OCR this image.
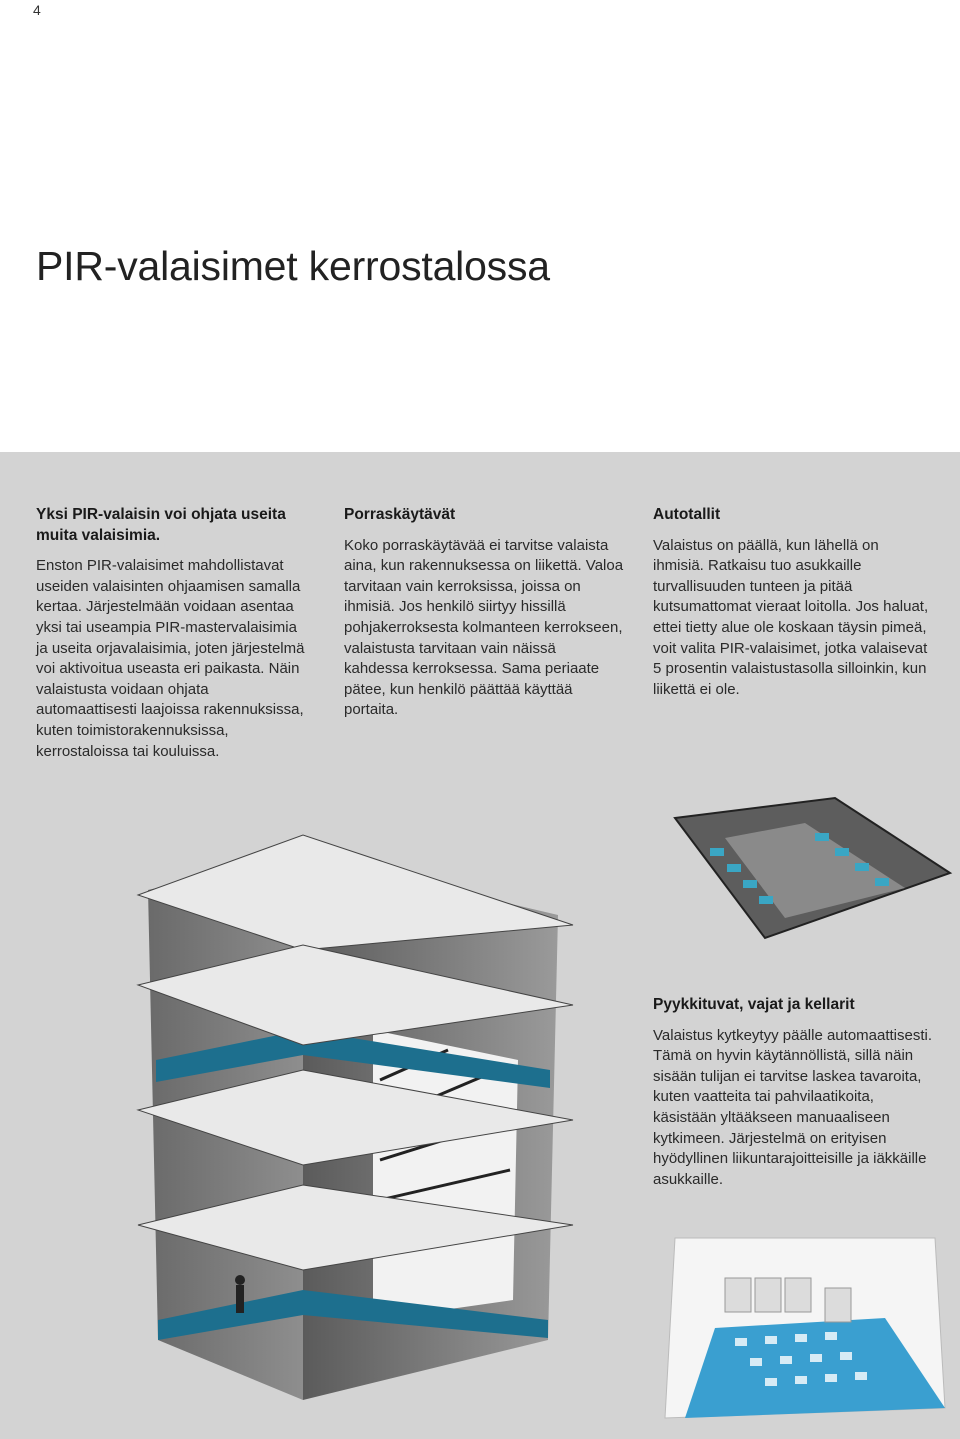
4
PIR-valaisimet kerrostalossa
Yksi PIR-valaisin voi ohjata useita muita valaisimia.

Enston PIR-valaisimet mahdollistavat useiden valaisinten ohjaamisen samalla kertaa. Järjestelmään voidaan asentaa yksi tai useampia PIR-mastervalaisimia ja useita orjavalaisimia, joten järjestelmä voi aktivoitua useasta eri paikasta. Näin valaistusta voidaan ohjata automaattisesti laajoissa rakennuksissa, kuten toimistorakennuksissa, kerrostaloissa tai kouluissa.

Porraskäytävät

Koko porraskäytävää ei tarvitse valaista aina, kun rakennuksessa on liikettä. Valoa tarvitaan vain kerroksissa, joissa on ihmisiä. Jos henkilö siirtyy hissillä pohjakerroksesta kolmanteen kerrokseen, valaistusta tarvitaan vain näissä kahdessa kerroksessa. Sama periaate pätee, kun henkilö päättää käyttää portaita.

Autotallit

Valaistus on päällä, kun lähellä on ihmisiä. Ratkaisu tuo asukkaille turvallisuuden tunteen ja pitää kutsumattomat vieraat loitolla. Jos haluat, ettei tietty alue ole koskaan täysin pimeä, voit valita PIR-valaisimet, jotka valaisevat 5 prosentin valaistustasolla silloinkin, kun liikettä ei ole.

Pyykkituvat, vajat ja kellarit

Valaistus kytkeytyy päälle automaattisesti. Tämä on hyvin käytännöllistä, sillä näin sisään tulijan ei tarvitse laskea tavaroita, kuten vaatteita tai pahvilaatikoita, käsistään yltääkseen manuaaliseen kytkimeen. Järjestelmä on erityisen hyödyllinen liikuntarajoitteisille ja iäkkäille asukkaille.
